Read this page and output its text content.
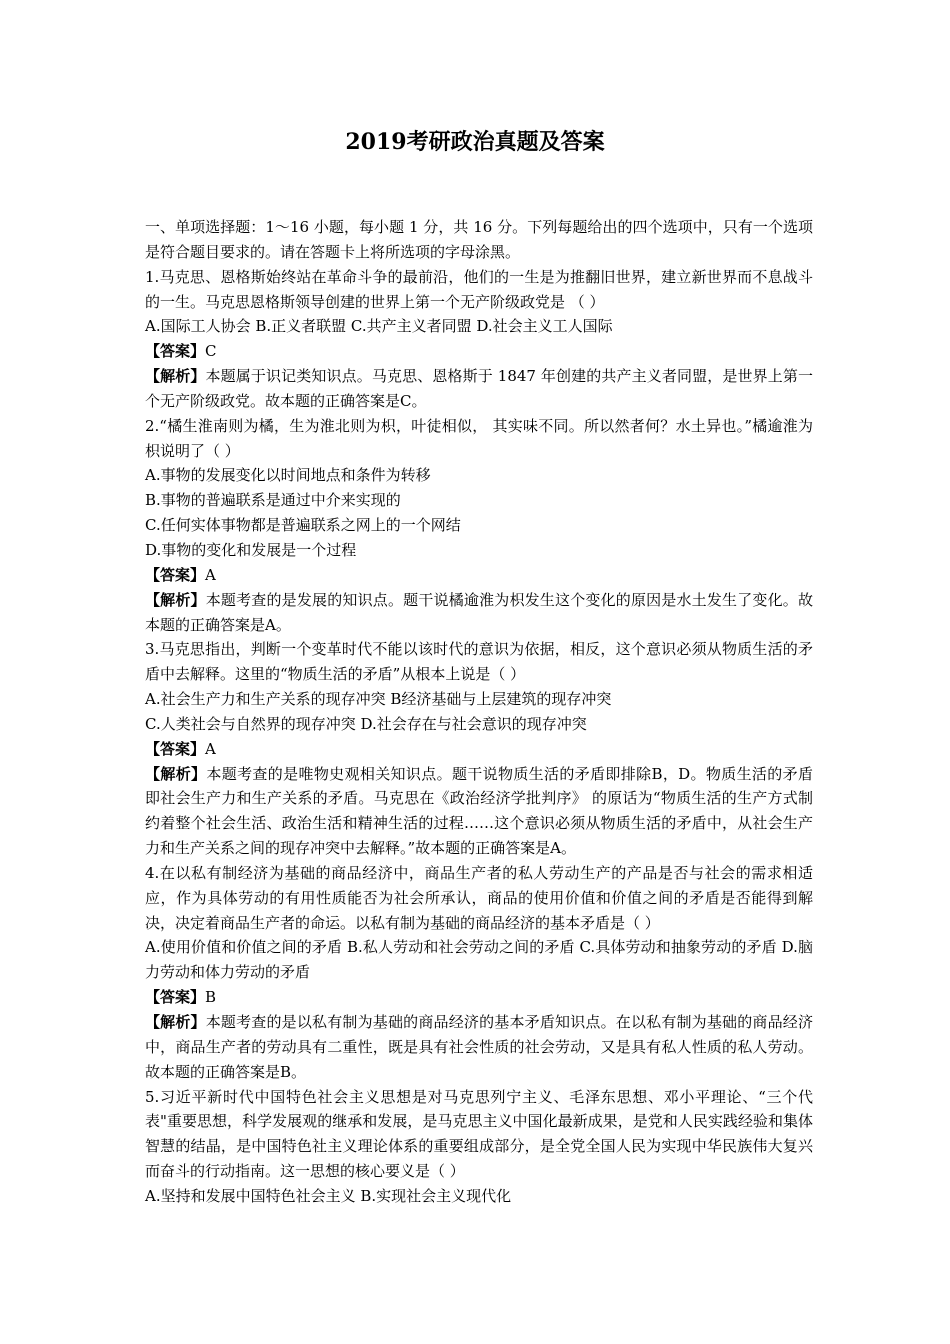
2019考研政治真题及答案

一、单项选择题：1～16 小题，每小题 1 分，共 16 分。下列每题给出的四个选项中，只有一个选项是符合题目要求的。请在答题卡上将所选项的字母涂黑。

1.马克思、恩格斯始终站在革命斗争的最前沿，他们的一生是为推翻旧世界，建立新世界而不息战斗的一生。马克思恩格斯领导创建的世界上第一个无产阶级政党是 （ ）

A.国际工人协会 B.正义者联盟 C.共产主义者同盟 D.社会主义工人国际

【答案】C

【解析】本题属于识记类知识点。马克思、恩格斯于 1847 年创建的共产主义者同盟，是世界上第一个无产阶级政党。故本题的正确答案是C。

2.“橘生淮南则为橘，生为淮北则为枳，叶徒相似， 其实味不同。所以然者何？水土异也。”橘逾淮为枳说明了（ ）

A.事物的发展变化以时间地点和条件为转移

B.事物的普遍联系是通过中介来实现的

C.任何实体事物都是普遍联系之网上的一个网结

D.事物的变化和发展是一个过程

【答案】A

【解析】本题考查的是发展的知识点。题干说橘逾淮为枳发生这个变化的原因是水土发生了变化。故本题的正确答案是A。

3.马克思指出，判断一个变革时代不能以该时代的意识为依据，相反，这个意识必须从物质生活的矛盾中去解释。这里的“物质生活的矛盾”从根本上说是（ ）

A.社会生产力和生产关系的现存冲突 B经济基础与上层建筑的现存冲突

C.人类社会与自然界的现存冲突 D.社会存在与社会意识的现存冲突

【答案】A

【解析】本题考查的是唯物史观相关知识点。题干说物质生活的矛盾即排除B，D。物质生活的矛盾即社会生产力和生产关系的矛盾。马克思在《政治经济学批判序》 的原话为“物质生活的生产方式制约着整个社会生活、政治生活和精神生活的过程……这个意识必须从物质生活的矛盾中，从社会生产力和生产关系之间的现存冲突中去解释。”故本题的正确答案是A。

4.在以私有制经济为基础的商品经济中，商品生产者的私人劳动生产的产品是否与社会的需求相适应，作为具体劳动的有用性质能否为社会所承认，商品的使用价值和价值之间的矛盾是否能得到解决，决定着商品生产者的命运。以私有制为基础的商品经济的基本矛盾是（ ）

A.使用价值和价值之间的矛盾 B.私人劳动和社会劳动之间的矛盾 C.具体劳动和抽象劳动的矛盾 D.脑力劳动和体力劳动的矛盾

【答案】B

【解析】本题考查的是以私有制为基础的商品经济的基本矛盾知识点。在以私有制为基础的商品经济中，商品生产者的劳动具有二重性，既是具有社会性质的社会劳动，又是具有私人性质的私人劳动。故本题的正确答案是B。

5.习近平新时代中国特色社会主义思想是对马克思列宁主义、毛泽东思想、邓小平理论、“三个代表"重要思想，科学发展观的继承和发展，是马克思主义中国化最新成果，是党和人民实践经验和集体智慧的结晶，是中国特色社主义理论体系的重要组成部分，是全党全国人民为实现中华民族伟大复兴而奋斗的行动指南。这一思想的核心要义是（ ）

A.坚持和发展中国特色社会主义 B.实现社会主义现代化
